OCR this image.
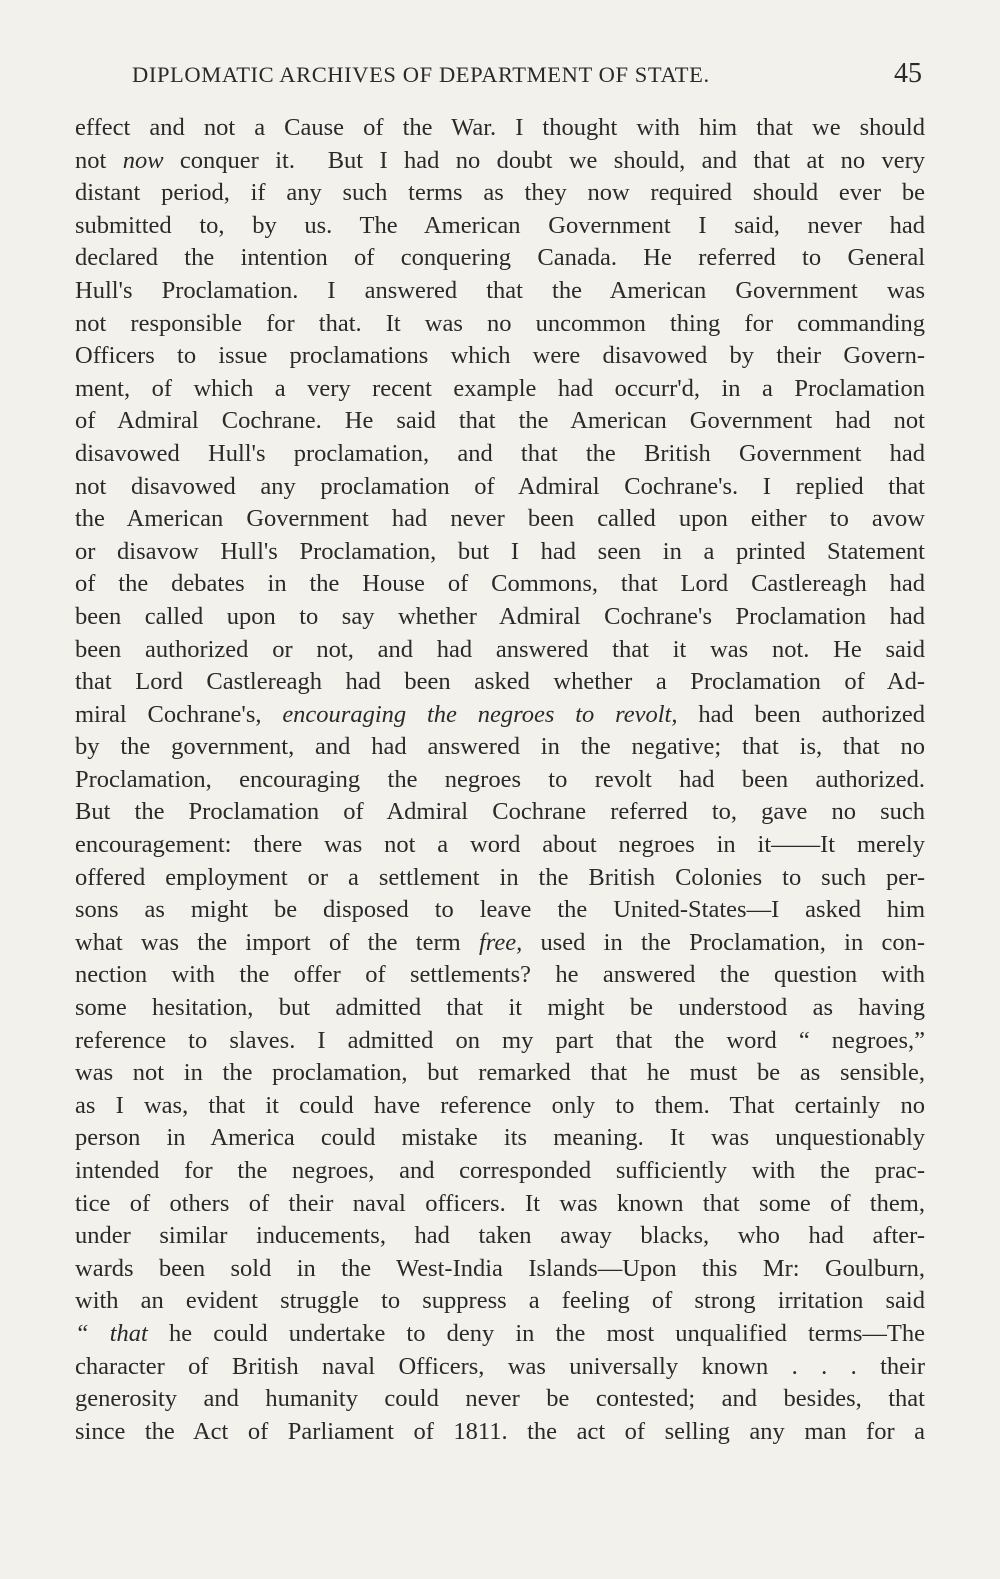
DIPLOMATIC ARCHIVES OF DEPARTMENT OF STATE.	45
effect and not a Cause of the War. I thought with him that we should
not now conquer it.  But I had no doubt we should, and that at no very
distant period, if any such terms as they now required should ever be
submitted to, by us. The American Government I said, never had
declared the intention of conquering Canada. He referred to General
Hull's Proclamation. I answered that the American Government was
not responsible for that. It was no uncommon thing for commanding
Officers to issue proclamations which were disavowed by their Govern-
ment, of which a very recent example had occurr'd, in a Proclamation
of Admiral Cochrane. He said that the American Government had not
disavowed Hull's proclamation, and that the British Government had
not disavowed any proclamation of Admiral Cochrane's. I replied that
the American Government had never been called upon either to avow
or disavow Hull's Proclamation, but I had seen in a printed Statement
of the debates in the House of Commons, that Lord Castlereagh had
been called upon to say whether Admiral Cochrane's Proclamation had
been authorized or not, and had answered that it was not. He said
that Lord Castlereagh had been asked whether a Proclamation of Ad-
miral Cochrane's, encouraging the negroes to revolt, had been authorized
by the government, and had answered in the negative; that is, that no
Proclamation, encouraging the negroes to revolt had been authorized.
But the Proclamation of Admiral Cochrane referred to, gave no such
encouragement: there was not a word about negroes in it——It merely
offered employment or a settlement in the British Colonies to such per-
sons as might be disposed to leave the United-States—I asked him
what was the import of the term free, used in the Proclamation, in con-
nection with the offer of settlements? he answered the question with
some hesitation, but admitted that it might be understood as having
reference to slaves. I admitted on my part that the word “ negroes,”
was not in the proclamation, but remarked that he must be as sensible,
as I was, that it could have reference only to them. That certainly no
person in America could mistake its meaning. It was unquestionably
intended for the negroes, and corresponded sufficiently with the prac-
tice of others of their naval officers. It was known that some of them,
under similar inducements, had taken away blacks, who had after-
wards been sold in the West-India Islands—Upon this Mr: Goulburn,
with an evident struggle to suppress a feeling of strong irritation said
“ that he could undertake to deny in the most unqualified terms—The
character of British naval Officers, was universally known . . . their
generosity and humanity could never be contested; and besides, that
since the Act of Parliament of 1811. the act of selling any man for a
